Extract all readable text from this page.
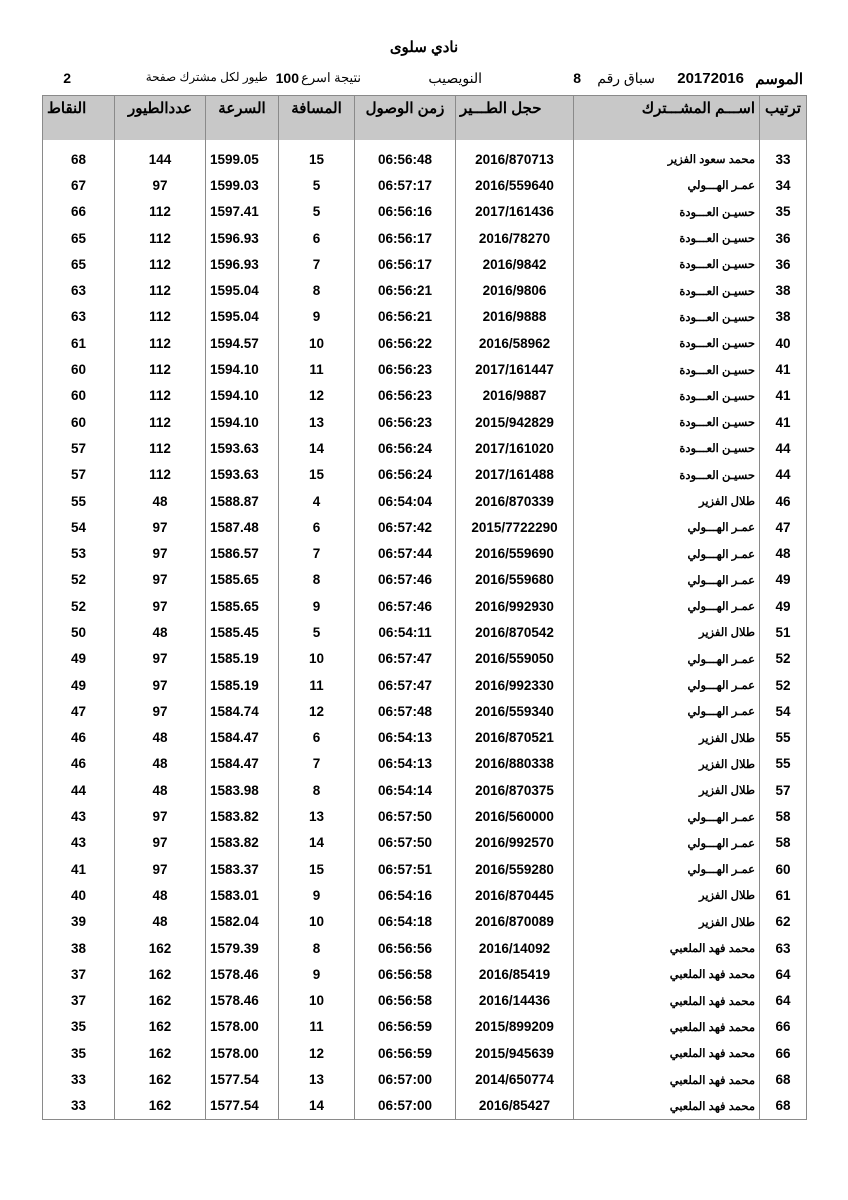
نادي سلوى
الموسم
20172016
سباق رقم
8
النويصيب
نتيجة اسرع
100
طيور لكل مشترك صفحة
2
ترتيب	اســـم المشـــترك	حجل الطـــير	زمن الوصول	المسافة	السرعة	عددالطيور	النقاط
33	محمد سعود الفزير	2016/870713	06:56:48	15	1599.05	144	68
34	عمـر الهـــولي	2016/559640	06:57:17	5	1599.03	97	67
35	حسيـن العـــودة	2017/161436	06:56:16	5	1597.41	112	66
36	حسيـن العـــودة	2016/78270	06:56:17	6	1596.93	112	65
36	حسيـن العـــودة	2016/9842	06:56:17	7	1596.93	112	65
38	حسيـن العـــودة	2016/9806	06:56:21	8	1595.04	112	63
38	حسيـن العـــودة	2016/9888	06:56:21	9	1595.04	112	63
40	حسيـن العـــودة	2016/58962	06:56:22	10	1594.57	112	61
41	حسيـن العـــودة	2017/161447	06:56:23	11	1594.10	112	60
41	حسيـن العـــودة	2016/9887	06:56:23	12	1594.10	112	60
41	حسيـن العـــودة	2015/942829	06:56:23	13	1594.10	112	60
44	حسيـن العـــودة	2017/161020	06:56:24	14	1593.63	112	57
44	حسيـن العـــودة	2017/161488	06:56:24	15	1593.63	112	57
46	طلال الفزير	2016/870339	06:54:04	4	1588.87	48	55
47	عمـر الهـــولي	2015/7722290	06:57:42	6	1587.48	97	54
48	عمـر الهـــولي	2016/559690	06:57:44	7	1586.57	97	53
49	عمـر الهـــولي	2016/559680	06:57:46	8	1585.65	97	52
49	عمـر الهـــولي	2016/992930	06:57:46	9	1585.65	97	52
51	طلال الفزير	2016/870542	06:54:11	5	1585.45	48	50
52	عمـر الهـــولي	2016/559050	06:57:47	10	1585.19	97	49
52	عمـر الهـــولي	2016/992330	06:57:47	11	1585.19	97	49
54	عمـر الهـــولي	2016/559340	06:57:48	12	1584.74	97	47
55	طلال الفزير	2016/870521	06:54:13	6	1584.47	48	46
55	طلال الفزير	2016/880338	06:54:13	7	1584.47	48	46
57	طلال الفزير	2016/870375	06:54:14	8	1583.98	48	44
58	عمـر الهـــولي	2016/560000	06:57:50	13	1583.82	97	43
58	عمـر الهـــولي	2016/992570	06:57:50	14	1583.82	97	43
60	عمـر الهـــولي	2016/559280	06:57:51	15	1583.37	97	41
61	طلال الفزير	2016/870445	06:54:16	9	1583.01	48	40
62	طلال الفزير	2016/870089	06:54:18	10	1582.04	48	39
63	محمد فهد الملعبي	2016/14092	06:56:56	8	1579.39	162	38
64	محمد فهد الملعبي	2016/85419	06:56:58	9	1578.46	162	37
64	محمد فهد الملعبي	2016/14436	06:56:58	10	1578.46	162	37
66	محمد فهد الملعبي	2015/899209	06:56:59	11	1578.00	162	35
66	محمد فهد الملعبي	2015/945639	06:56:59	12	1578.00	162	35
68	محمد فهد الملعبي	2014/650774	06:57:00	13	1577.54	162	33
68	محمد فهد الملعبي	2016/85427	06:57:00	14	1577.54	162	33
